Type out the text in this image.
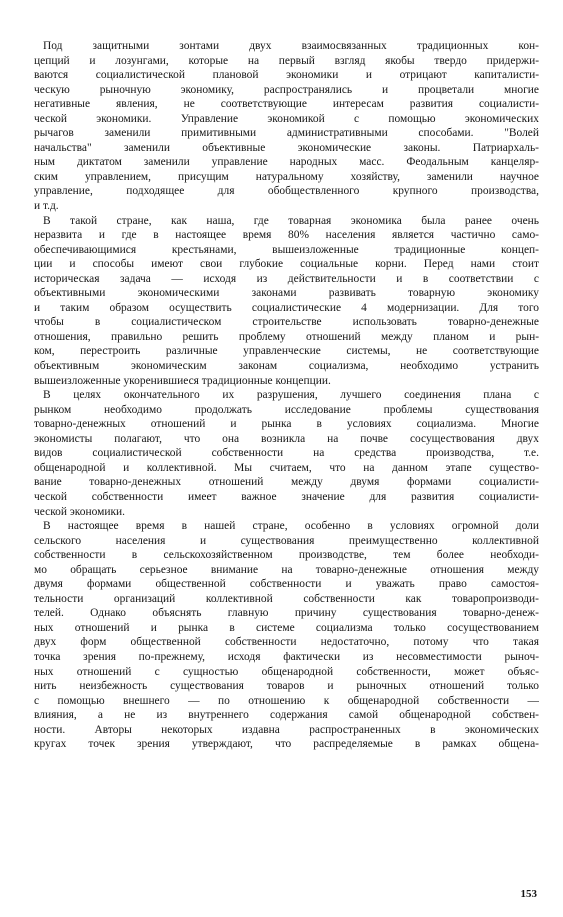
Под защитными зонтами двух взаимосвязанных традиционных кон-
цепций и лозунгами, которые на первый взгляд якобы твердо придержи-
ваются социалистической плановой экономики и отрицают капиталисти-
ческую рыночную экономику, распространялись и процветали многие
негативные явления, не соответствующие интересам развития социалисти-
ческой экономики. Управление экономикой с помощью экономических
рычагов заменили примитивными административными способами. "Волей
начальства" заменили объективные экономические законы. Патриархаль-
ным диктатом заменили управление народных масс. Феодальным канцеляр-
ским управлением, присущим натуральному хозяйству, заменили научное
управление, подходящее для обобществленного крупного производства,
и т.д.
В такой стране, как наша, где товарная экономика была ранее очень
неразвита и где в настоящее время 80% населения является частично само-
обеспечивающимися крестьянами, вышеизложенные традиционные концеп-
ции и способы имеют свои глубокие социальные корни. Перед нами стоит
историческая задача — исходя из действительности и в соответствии с
объективными экономическими законами развивать товарную экономику
и таким образом осуществить социалистические 4 модернизации. Для того
чтобы в социалистическом строительстве использовать товарно-денежные
отношения, правильно решить проблему отношений между планом и рын-
ком, перестроить различные управленческие системы, не соответствующие
объективным экономическим законам социализма, необходимо устранить
вышеизложенные укоренившиеся традиционные концепции.
В целях окончательного их разрушения, лучшего соединения плана с
рынком необходимо продолжать исследование проблемы существования
товарно-денежных отношений и рынка в условиях социализма. Многие
экономисты полагают, что она возникла на почве сосуществования двух
видов социалистической собственности на средства производства, т.е.
общенародной и коллективной. Мы считаем, что на данном этапе существо-
вание товарно-денежных отношений между двумя формами социалисти-
ческой собственности имеет важное значение для развития социалисти-
ческой экономики.
В настоящее время в нашей стране, особенно в условиях огромной доли
сельского населения и существования преимущественно коллективной
собственности в сельскохозяйственном производстве, тем более необходи-
мо обращать серьезное внимание на товарно-денежные отношения между
двумя формами общественной собственности и уважать право самостоя-
тельности организаций коллективной собственности как товаропроизводи-
телей. Однако объяснять главную причину существования товарно-денеж-
ных отношений и рынка в системе социализма только сосуществованием
двух форм общественной собственности недостаточно, потому что такая
точка зрения по-прежнему, исходя фактически из несовместимости рыноч-
ных отношений с сущностью общенародной собственности, может объяс-
нить неизбежность существования товаров и рыночных отношений только
с помощью внешнего — по отношению к общенародной собственности —
влияния, а не из внутреннего содержания самой общенародной собствен-
ности. Авторы некоторых издавна распространенных в экономических
кругах точек зрения утверждают, что распределяемые в рамках общена-
153
